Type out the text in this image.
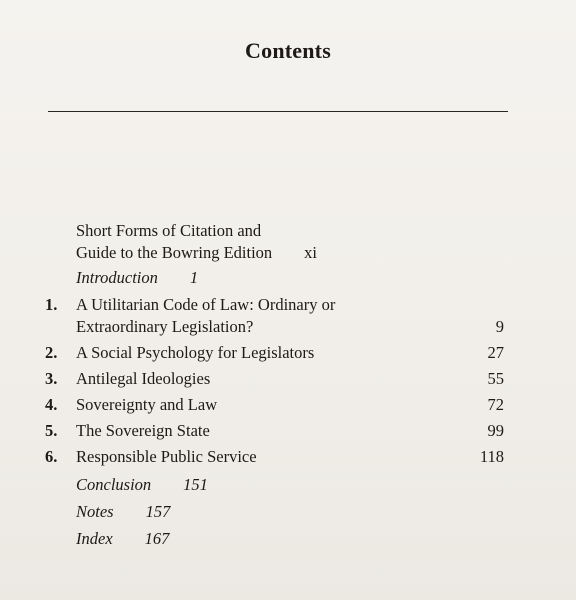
Contents
Short Forms of Citation and
Guide to the Bowring Edition xi
Introduction 1
1. A Utilitarian Code of Law: Ordinary or
Extraordinary Legislation?	9
2. A Social Psychology for Legislators	27
3. Antilegal Ideologies	55
4. Sovereignty and Law	72
5. The Sovereign State	99
6. Responsible Public Service	118
Conclusion 151
Notes 157
Index 167
